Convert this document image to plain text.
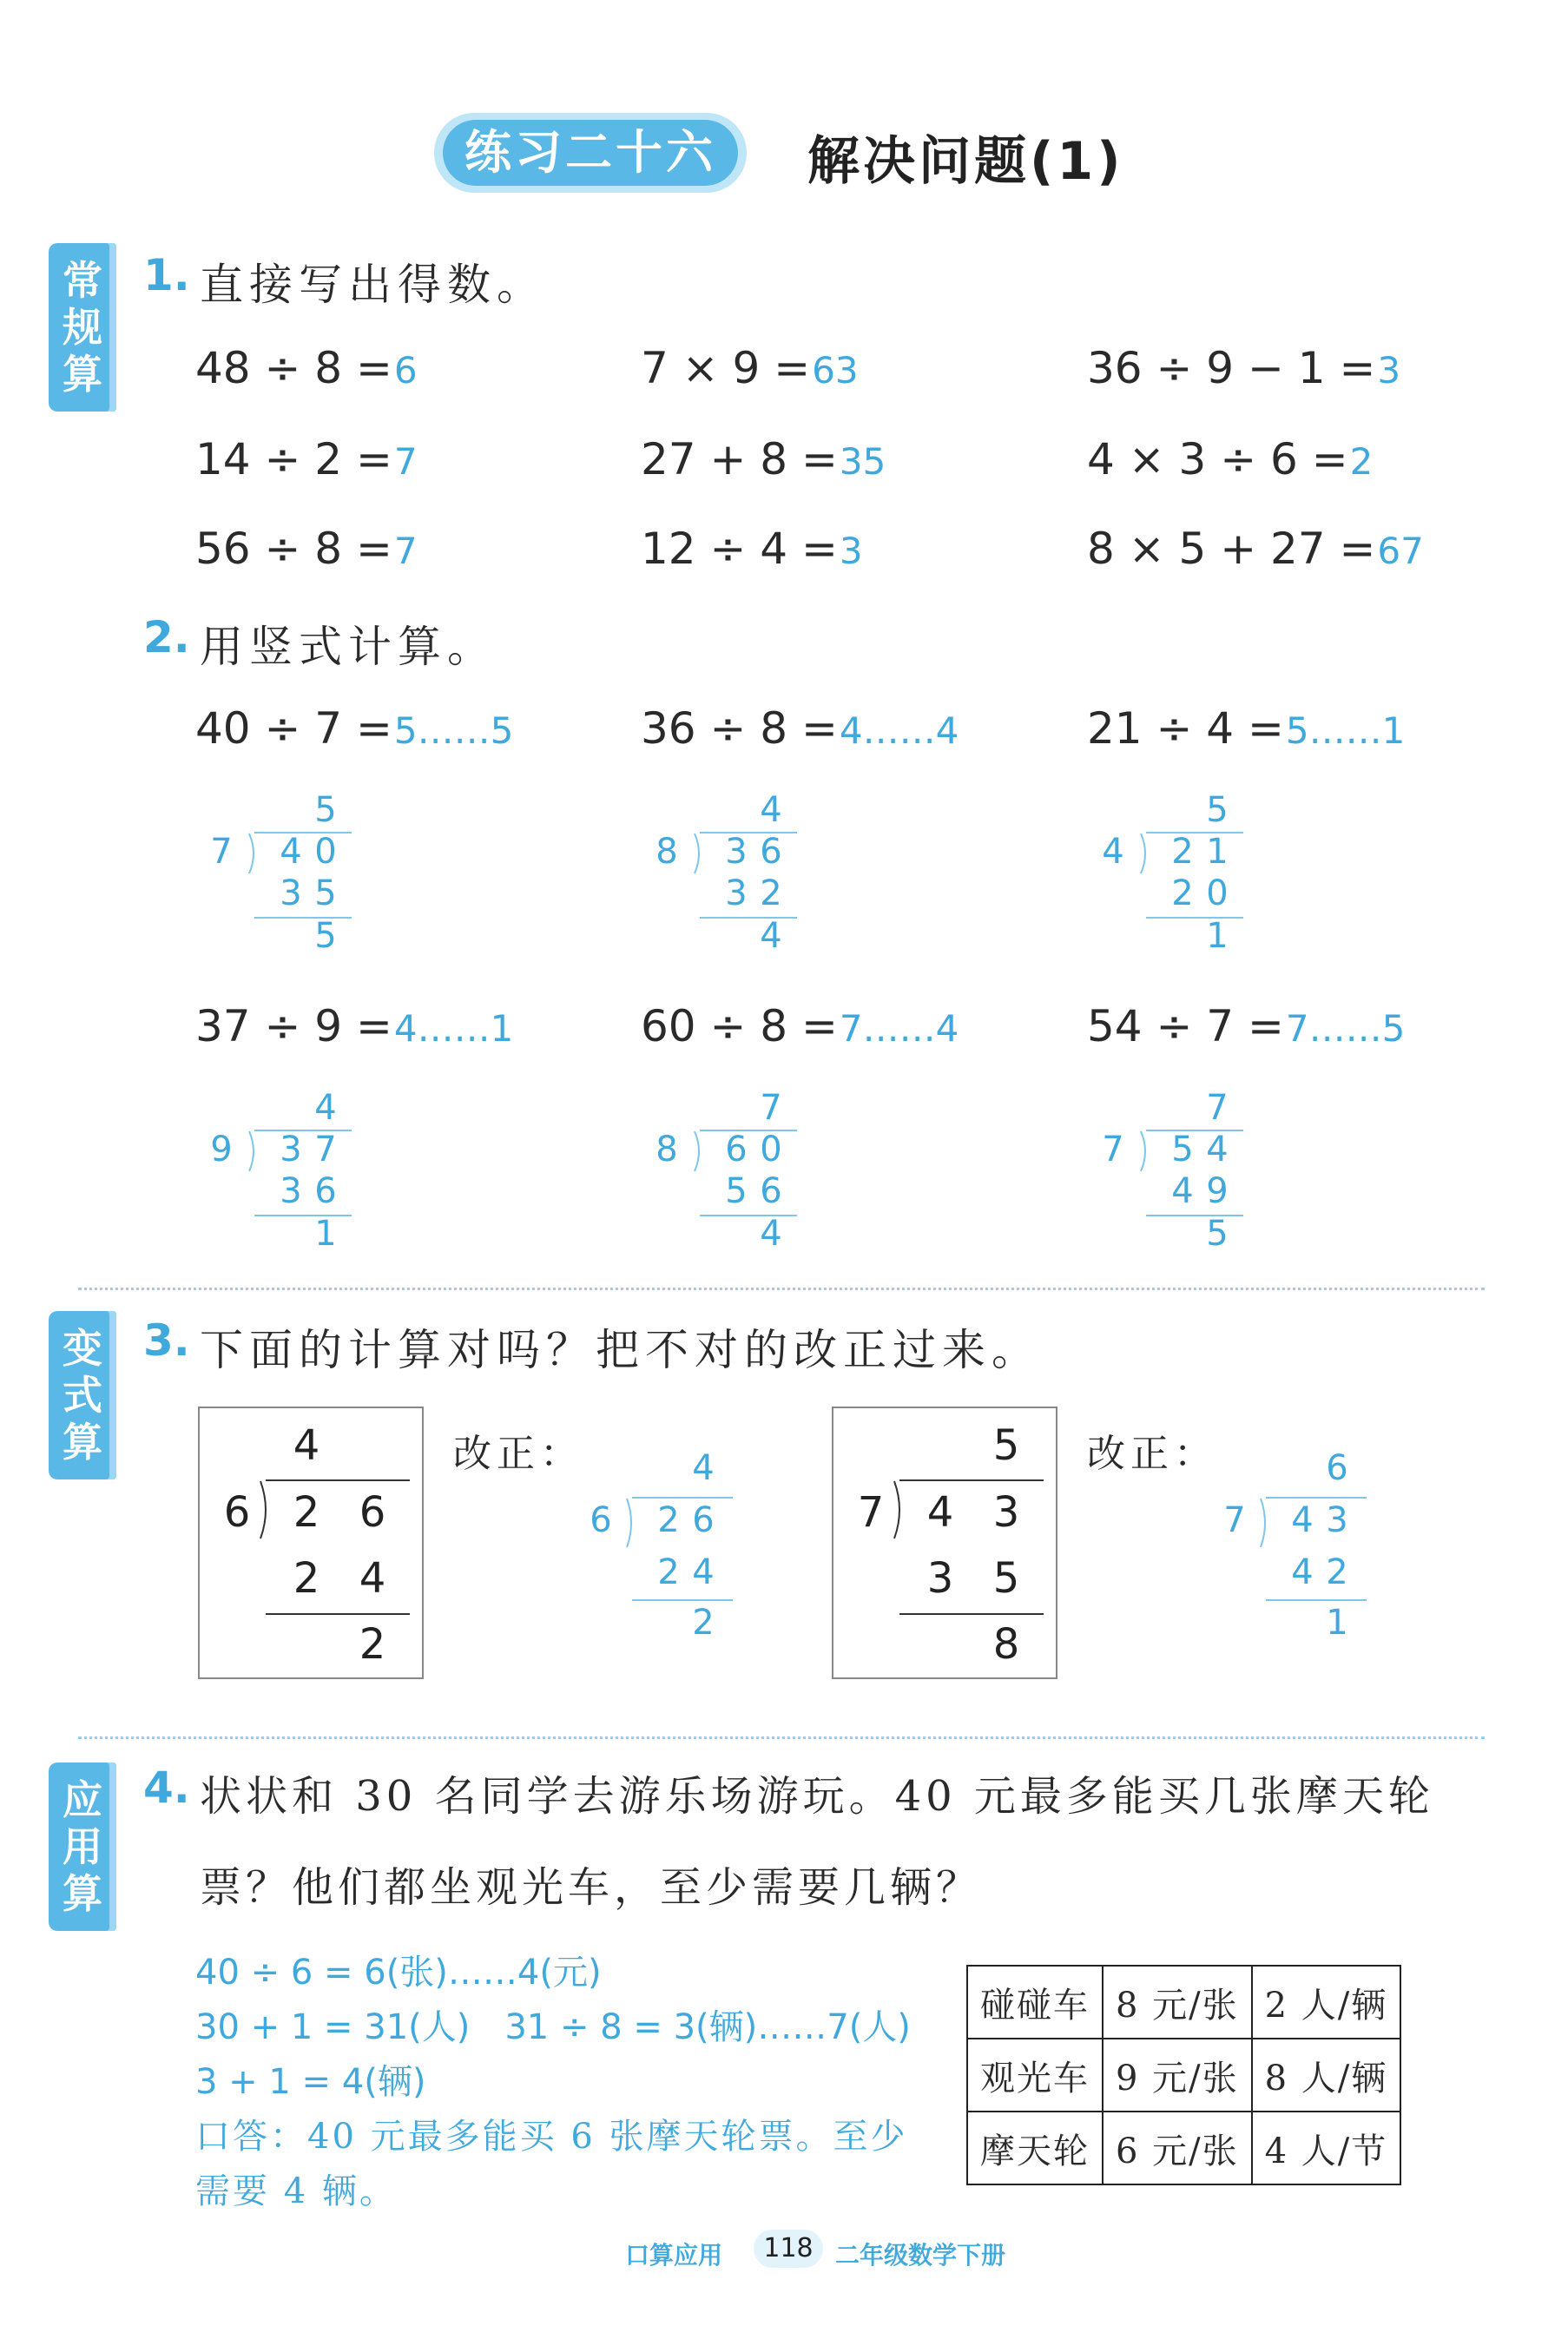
练习二十六	解决问题(1)
常规算
变式算
应用算
1. 直接写出得数。
48 ÷ 8 =6	7 × 9 =63	36 ÷ 9 − 1 =3
14 ÷ 2 =7	27 + 8 =35	4 × 3 ÷ 6 =2
56 ÷ 8 =7	12 ÷ 4 =3	8 × 5 + 27 =67
2. 用竖式计算。
40 ÷ 7 =5……5	36 ÷ 8 =4……4	21 ÷ 4 =5……1
37 ÷ 9 =4……1	60 ÷ 8 =7……4	54 ÷ 7 =7……5
5
7 4 0
3 5
5
4
8 3 6
3 2
4
5
4 2 1
2 0
1
4
9 3 7
3 6
1
7
8 6 0
5 6
4
7
7 5 4
4 9
5
3. 下面的计算对吗？把不对的改正过来。
4
6 2 6
2 4
2
改正：	4
6 2 6
2 4
2
5
7 4 3
3 5
8
改正：	6
7 4 3
4 2
1
4. 状状和 30 名同学去游乐场游玩。40 元最多能买几张摩天轮
票？他们都坐观光车，至少需要几辆？
40 ÷ 6 = 6(张)……4(元)
30 + 1 = 31(人)　31 ÷ 8 = 3(辆)……7(人)
3 + 1 = 4(辆)
口答：40 元最多能买 6 张摩天轮票。至少
需要 4 辆。
碰碰车	8 元/张	2 人/辆
观光车	9 元/张	8 人/辆
摩天轮	6 元/张	4 人/节
口算应用	118 二年级数学下册
